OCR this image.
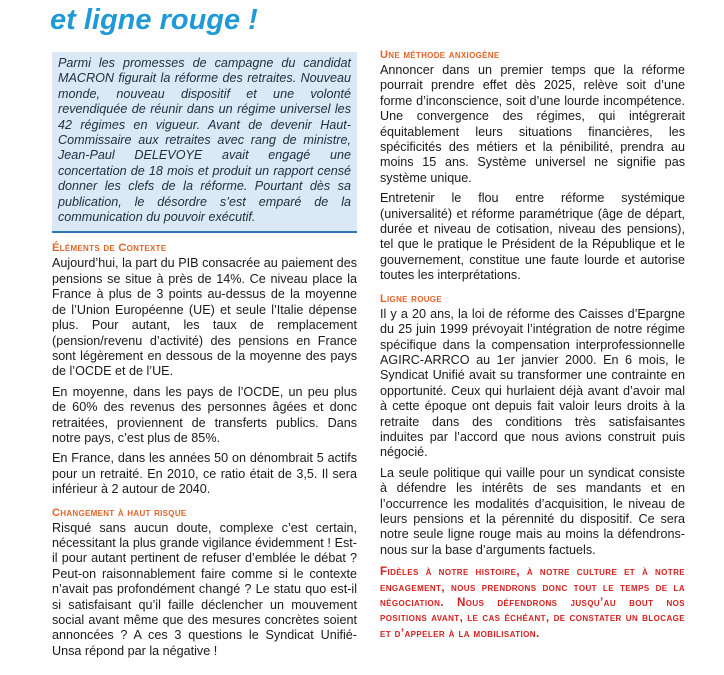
et ligne rouge !

Parmi les promesses de campagne du candidat MACRON figurait la réforme des retraites. Nouveau monde, nouveau dispositif et une volonté revendiquée de réunir dans un régime universel les 42 régimes en vigueur. Avant de devenir Haut-Commissaire aux retraites avec rang de ministre, Jean-Paul DELEVOYE avait engagé une concertation de 18 mois et produit un rapport censé donner les clefs de la réforme. Pourtant dès sa publication, le désordre s’est emparé de la communication du pouvoir exécutif.

Éléments de Contexte

Aujourd’hui, la part du PIB consacrée au paiement des pensions se situe à près de 14%. Ce niveau place la France à plus de 3 points au-dessus de la moyenne de l’Union Européenne (UE) et seule l’Italie dépense plus. Pour autant, les taux de remplacement (pension/revenu d’activité) des pensions en France sont légèrement en dessous de la moyenne des pays de l’OCDE et de l’UE.

En moyenne, dans les pays de l’OCDE, un peu plus de 60% des revenus des personnes âgées et donc retraitées, proviennent de transferts publics. Dans notre pays, c’est plus de 85%.

En France, dans les années 50 on dénombrait 5 actifs pour un retraité. En 2010, ce ratio était de 3,5. Il sera inférieur à 2 autour de 2040.

Changement à haut risque

Risqué sans aucun doute, complexe c’est certain, nécessitant la plus grande vigilance évidemment ! Est-il pour autant pertinent de refuser d’emblée le débat ? Peut-on raisonnablement faire comme si le contexte n’avait pas profondément changé ? Le statu quo est-il si satisfaisant qu’il faille déclencher un mouvement social avant même que des mesures concrètes soient annoncées ? A ces 3 questions le Syndicat Unifié-Unsa répond par la négative !

Une méthode anxiogène

Annoncer dans un premier temps que la réforme pourrait prendre effet dès 2025, relève soit d’une forme d’inconscience, soit d’une lourde incompétence. Une convergence des régimes, qui intégrerait équitablement leurs situations financières, les spécificités des métiers et la pénibilité, prendra au moins 15 ans. Système universel ne signifie pas système unique.

Entretenir le flou entre réforme systémique (universalité) et réforme paramétrique (âge de départ, durée et niveau de cotisation, niveau des pensions), tel que le pratique le Président de la République et le gouvernement, constitue une faute lourde et autorise toutes les interprétations.

Ligne rouge

Il y a 20 ans, la loi de réforme des Caisses d’Epargne du 25 juin 1999 prévoyait l’intégration de notre régime spécifique dans la compensation interprofessionnelle AGIRC-ARRCO au 1er janvier 2000. En 6 mois, le Syndicat Unifié avait su transformer une contrainte en opportunité. Ceux qui hurlaient déjà avant d’avoir mal à cette époque ont depuis fait valoir leurs droits à la retraite dans des conditions très satisfaisantes induites par l’accord que nous avions construit puis négocié.

La seule politique qui vaille pour un syndicat consiste à défendre les intérêts de ses mandants et en l’occurrence les modalités d’acquisition, le niveau de leurs pensions et la pérennité du dispositif. Ce sera notre seule ligne rouge mais au moins la défendrons-nous sur la base d’arguments factuels.

Fidèles à notre histoire, à notre culture et à notre engagement, nous prendrons donc tout le temps de la négociation. Nous défendrons jusqu’au bout nos positions avant, le cas échéant, de constater un blocage et d’appeler à la mobilisation.
